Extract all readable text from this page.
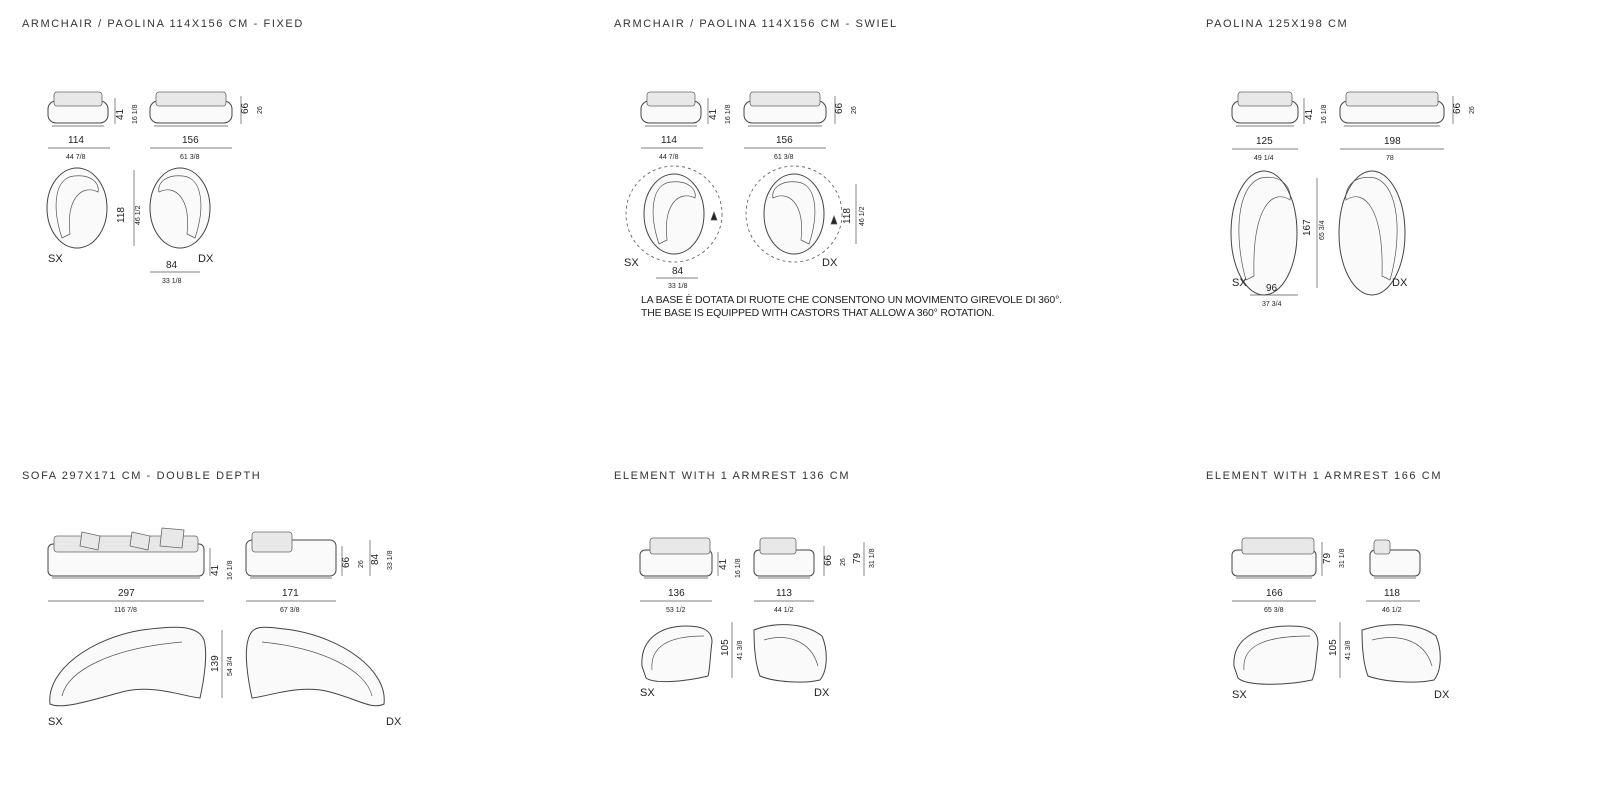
ARMCHAIR / PAOLINA 114X156 CM - FIXED
41 16 1/8	66 26
114
44 7/8
156
61 3/8
118 46 1/2
SX	DX
84
33 1/8
ARMCHAIR / PAOLINA 114X156 CM - SWIEL
41 16 1/8	66 26
114
44 7/8
156
61 3/8
118 46 1/2
SX	DX
84
33 1/8
LA BASE È DOTATA DI RUOTE CHE CONSENTONO UN MOVIMENTO GIREVOLE DI 360°.
THE BASE IS EQUIPPED WITH CASTORS THAT ALLOW A 360° ROTATION.
PAOLINA 125X198 CM
41 16 1/8	66 26
125
49 1/4
198
78
167 65 3/4
SX	DX
96
37 3/4
SOFA 297X171 CM - DOUBLE DEPTH
41 16 1/8	66 26 84 33 1/8
297
116 7/8
171
67 3/8
139 54 3/4
SX	DX
ELEMENT WITH 1 ARMREST 136 CM
41 16 1/8	66 26 79 31 1/8
136
53 1/2
113
44 1/2
105 41 3/8
SX	DX
ELEMENT WITH 1 ARMREST 166 CM
79 31 1/8
166
65 3/8
118
46 1/2
105 41 3/8
SX	DX
